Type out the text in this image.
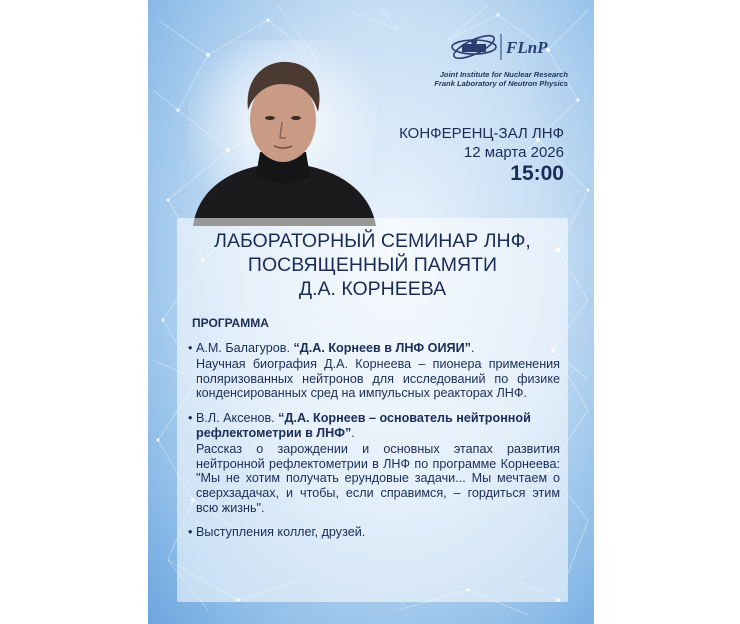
FLnP
Joint Institute for Nuclear Research
Frank Laboratory of Neutron Physics
КОНФЕРЕНЦ-ЗАЛ ЛНФ
12 марта 2026
15:00
ЛАБОРАТОРНЫЙ СЕМИНАР ЛНФ,
ПОСВЯЩЕННЫЙ ПАМЯТИ
Д.А. КОРНЕЕВА
ПРОГРАММА
• А.М. Балагуров. “Д.А. Корнеев в ЛНФ ОИЯИ”.
Научная биография Д.А. Корнеева – пионера применения поляризованных нейтронов для исследований по физике конденсированных сред на импульсных реакторах ЛНФ.
• В.Л. Аксенов. “Д.А. Корнеев – основатель нейтронной рефлектометрии в ЛНФ”.
Рассказ о зарождении и основных этапах развития нейтронной рефлектометрии в ЛНФ по программе Корнеева: "Мы не хотим получать ерундовые задачи... Мы мечтаем о сверхзадачах, и чтобы, если справимся, – гордиться этим всю жизнь".
• Выступления коллег, друзей.
